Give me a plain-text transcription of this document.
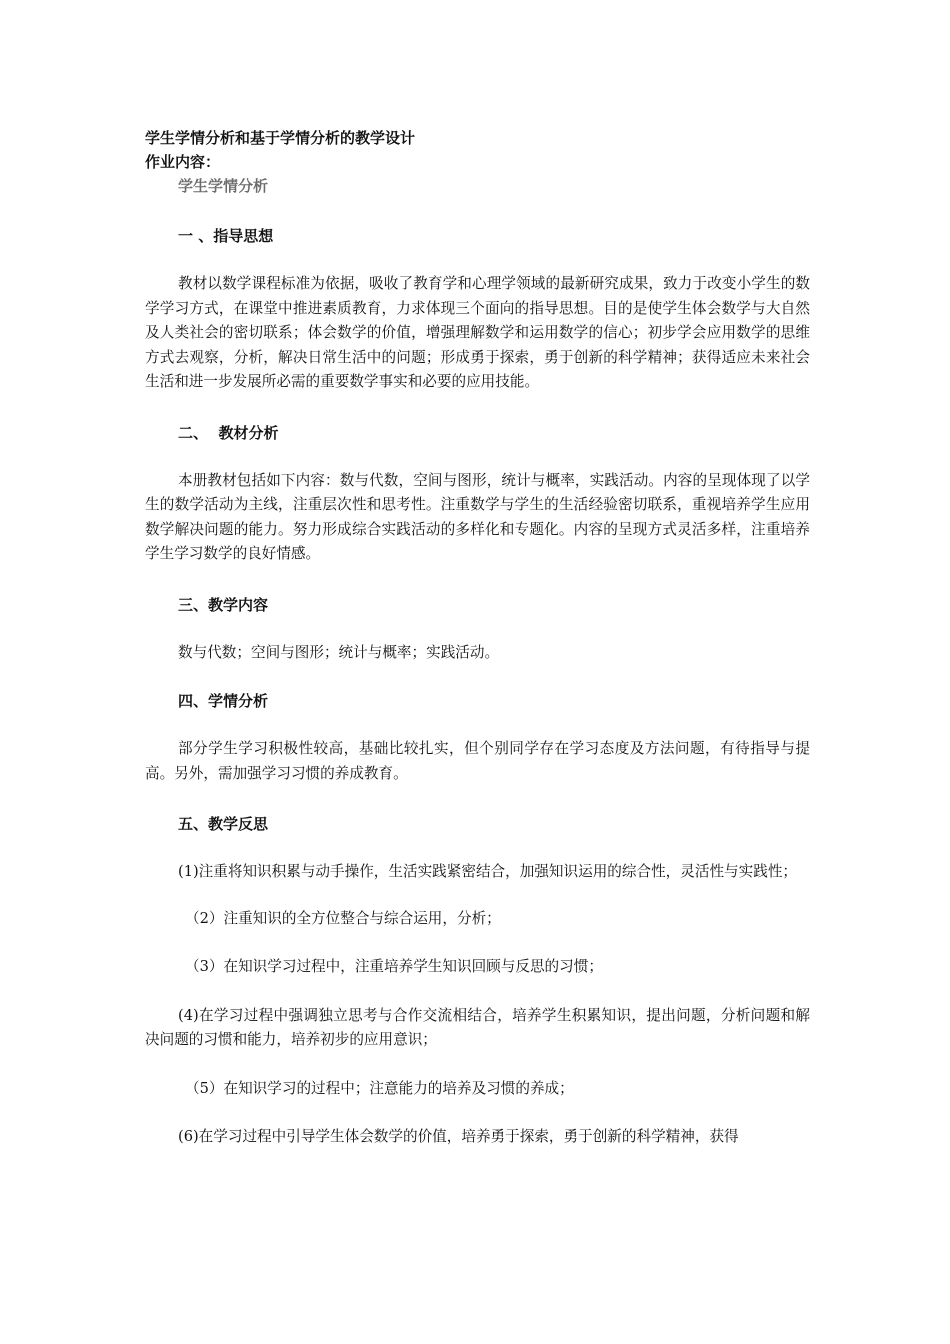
学生学情分析和基于学情分析的教学设计

作业内容：

学生学情分析

一 、指导思想

教材以数学课程标准为依据，吸收了教育学和心理学领域的最新研究成果，致力于改变小学生的数学学习方式，在课堂中推进素质教育，力求体现三个面向的指导思想。目的是使学生体会数学与大自然及人类社会的密切联系；体会数学的价值，增强理解数学和运用数学的信心；初步学会应用数学的思维方式去观察，分析，解决日常生活中的问题；形成勇于探索，勇于创新的科学精神；获得适应未来社会生活和进一步发展所必需的重要数学事实和必要的应用技能。

二、  教材分析

本册教材包括如下内容：数与代数，空间与图形，统计与概率，实践活动。内容的呈现体现了以学生的数学活动为主线，注重层次性和思考性。注重数学与学生的生活经验密切联系，重视培养学生应用数学解决问题的能力。努力形成综合实践活动的多样化和专题化。内容的呈现方式灵活多样，注重培养学生学习数学的良好情感。

三、教学内容

数与代数；空间与图形；统计与概率；实践活动。

四、学情分析

部分学生学习积极性较高，基础比较扎实，但个别同学存在学习态度及方法问题，有待指导与提高。另外，需加强学习习惯的养成教育。

五、教学反思

(1)注重将知识积累与动手操作，生活实践紧密结合，加强知识运用的综合性，灵活性与实践性；

（2）注重知识的全方位整合与综合运用，分析；

（3）在知识学习过程中，注重培养学生知识回顾与反思的习惯；

(4)在学习过程中强调独立思考与合作交流相结合，培养学生积累知识，提出问题，分析问题和解决问题的习惯和能力，培养初步的应用意识；

（5）在知识学习的过程中；注意能力的培养及习惯的养成；

(6)在学习过程中引导学生体会数学的价值，培养勇于探索，勇于创新的科学精神，获得
